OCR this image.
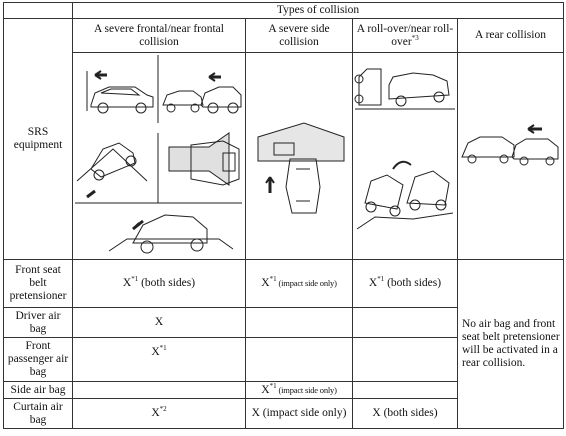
	Types of collision			
SRS equipment	A severe frontal/near frontal collision	A severe side collision	A roll-over/near roll-over$^{*3}$	A rear collision

Front seat belt pretensioner	$X^{*1}$ (both sides)	$X^{*1}$ (impact side only)	$X^{*1}$ (both sides)	No air bag and front seat belt pretensioner will be activated in a rear collision.
Driver air bag	X			
Front passenger air bag	$X^{*1}$		
Side air bag		$X^{*1}$ (impact side only)		
Curtain air bag	$X^{*2}$	X (impact side only)	X (both sides)	
